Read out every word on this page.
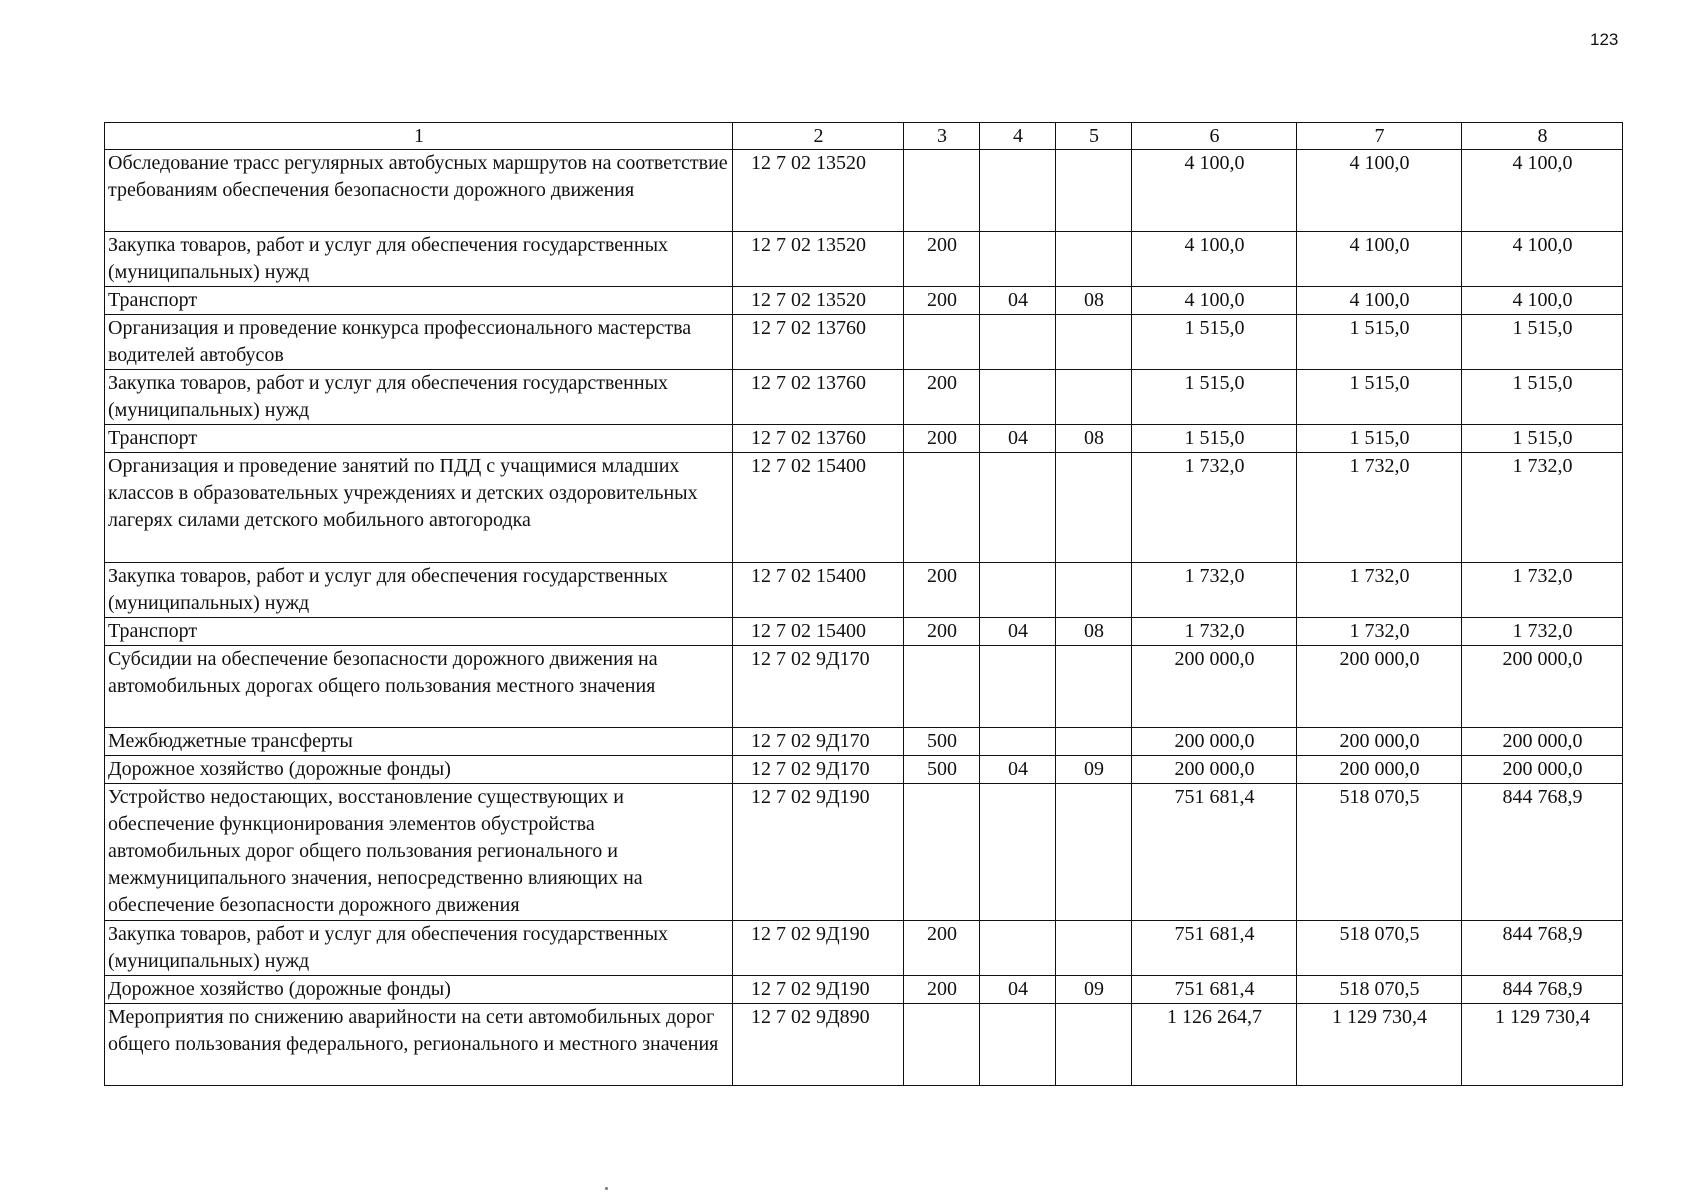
123
1	2	3	4	5	6	7	8
Обследование трасс регулярных автобусных маршрутов на соответствие требованиям обеспечения безопасности дорожного движения	12 7 02 13520				4 100,0	4 100,0	4 100,0
Закупка товаров, работ и услуг для обеспечения государственных (муниципальных) нужд	12 7 02 13520	200			4 100,0	4 100,0	4 100,0
Транспорт	12 7 02 13520	200	04	08	4 100,0	4 100,0	4 100,0
Организация и проведение конкурса профессионального мастерства водителей автобусов	12 7 02 13760				1 515,0	1 515,0	1 515,0
Закупка товаров, работ и услуг для обеспечения государственных (муниципальных) нужд	12 7 02 13760	200			1 515,0	1 515,0	1 515,0
Транспорт	12 7 02 13760	200	04	08	1 515,0	1 515,0	1 515,0
Организация и проведение занятий по ПДД с учащимися младших классов в образовательных учреждениях и детских оздоровительных лагерях силами детского мобильного автогородка	12 7 02 15400				1 732,0	1 732,0	1 732,0
Закупка товаров, работ и услуг для обеспечения государственных (муниципальных) нужд	12 7 02 15400	200			1 732,0	1 732,0	1 732,0
Транспорт	12 7 02 15400	200	04	08	1 732,0	1 732,0	1 732,0
Субсидии на обеспечение безопасности дорожного движения на автомобильных дорогах общего пользования местного значения	12 7 02 9Д170				200 000,0	200 000,0	200 000,0
Межбюджетные трансферты	12 7 02 9Д170	500			200 000,0	200 000,0	200 000,0
Дорожное хозяйство (дорожные фонды)	12 7 02 9Д170	500	04	09	200 000,0	200 000,0	200 000,0
Устройство недостающих, восстановление существующих и обеспечение функционирования элементов обустройства автомобильных дорог общего пользования регионального и межмуниципального значения, непосредственно влияющих на обеспечение безопасности дорожного движения	12 7 02 9Д190				751 681,4	518 070,5	844 768,9
Закупка товаров, работ и услуг для обеспечения государственных (муниципальных) нужд	12 7 02 9Д190	200			751 681,4	518 070,5	844 768,9
Дорожное хозяйство (дорожные фонды)	12 7 02 9Д190	200	04	09	751 681,4	518 070,5	844 768,9
Мероприятия по снижению аварийности на сети автомобильных дорог общего пользования федерального, регионального и местного значения	12 7 02 9Д890				1 126 264,7	1 129 730,4	1 129 730,4
